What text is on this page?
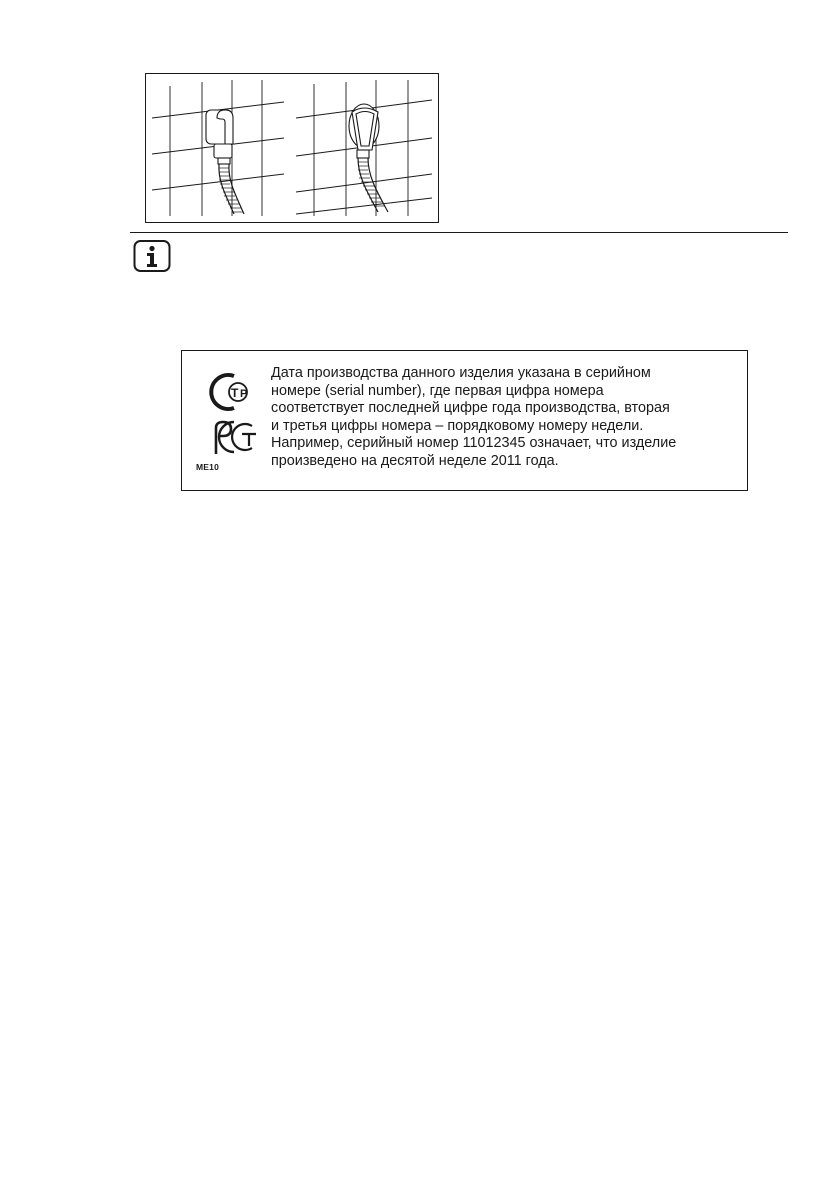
T P

ME10

Дата производства данного изделия указана в серийном
номере (serial number), где первая цифра номера
соответствует последней цифре года производства, вторая
и третья цифры номера – порядковому номеру недели.
Например, серийный номер 11012345 означает, что изделие
произведено на десятой неделе 2011 года.
